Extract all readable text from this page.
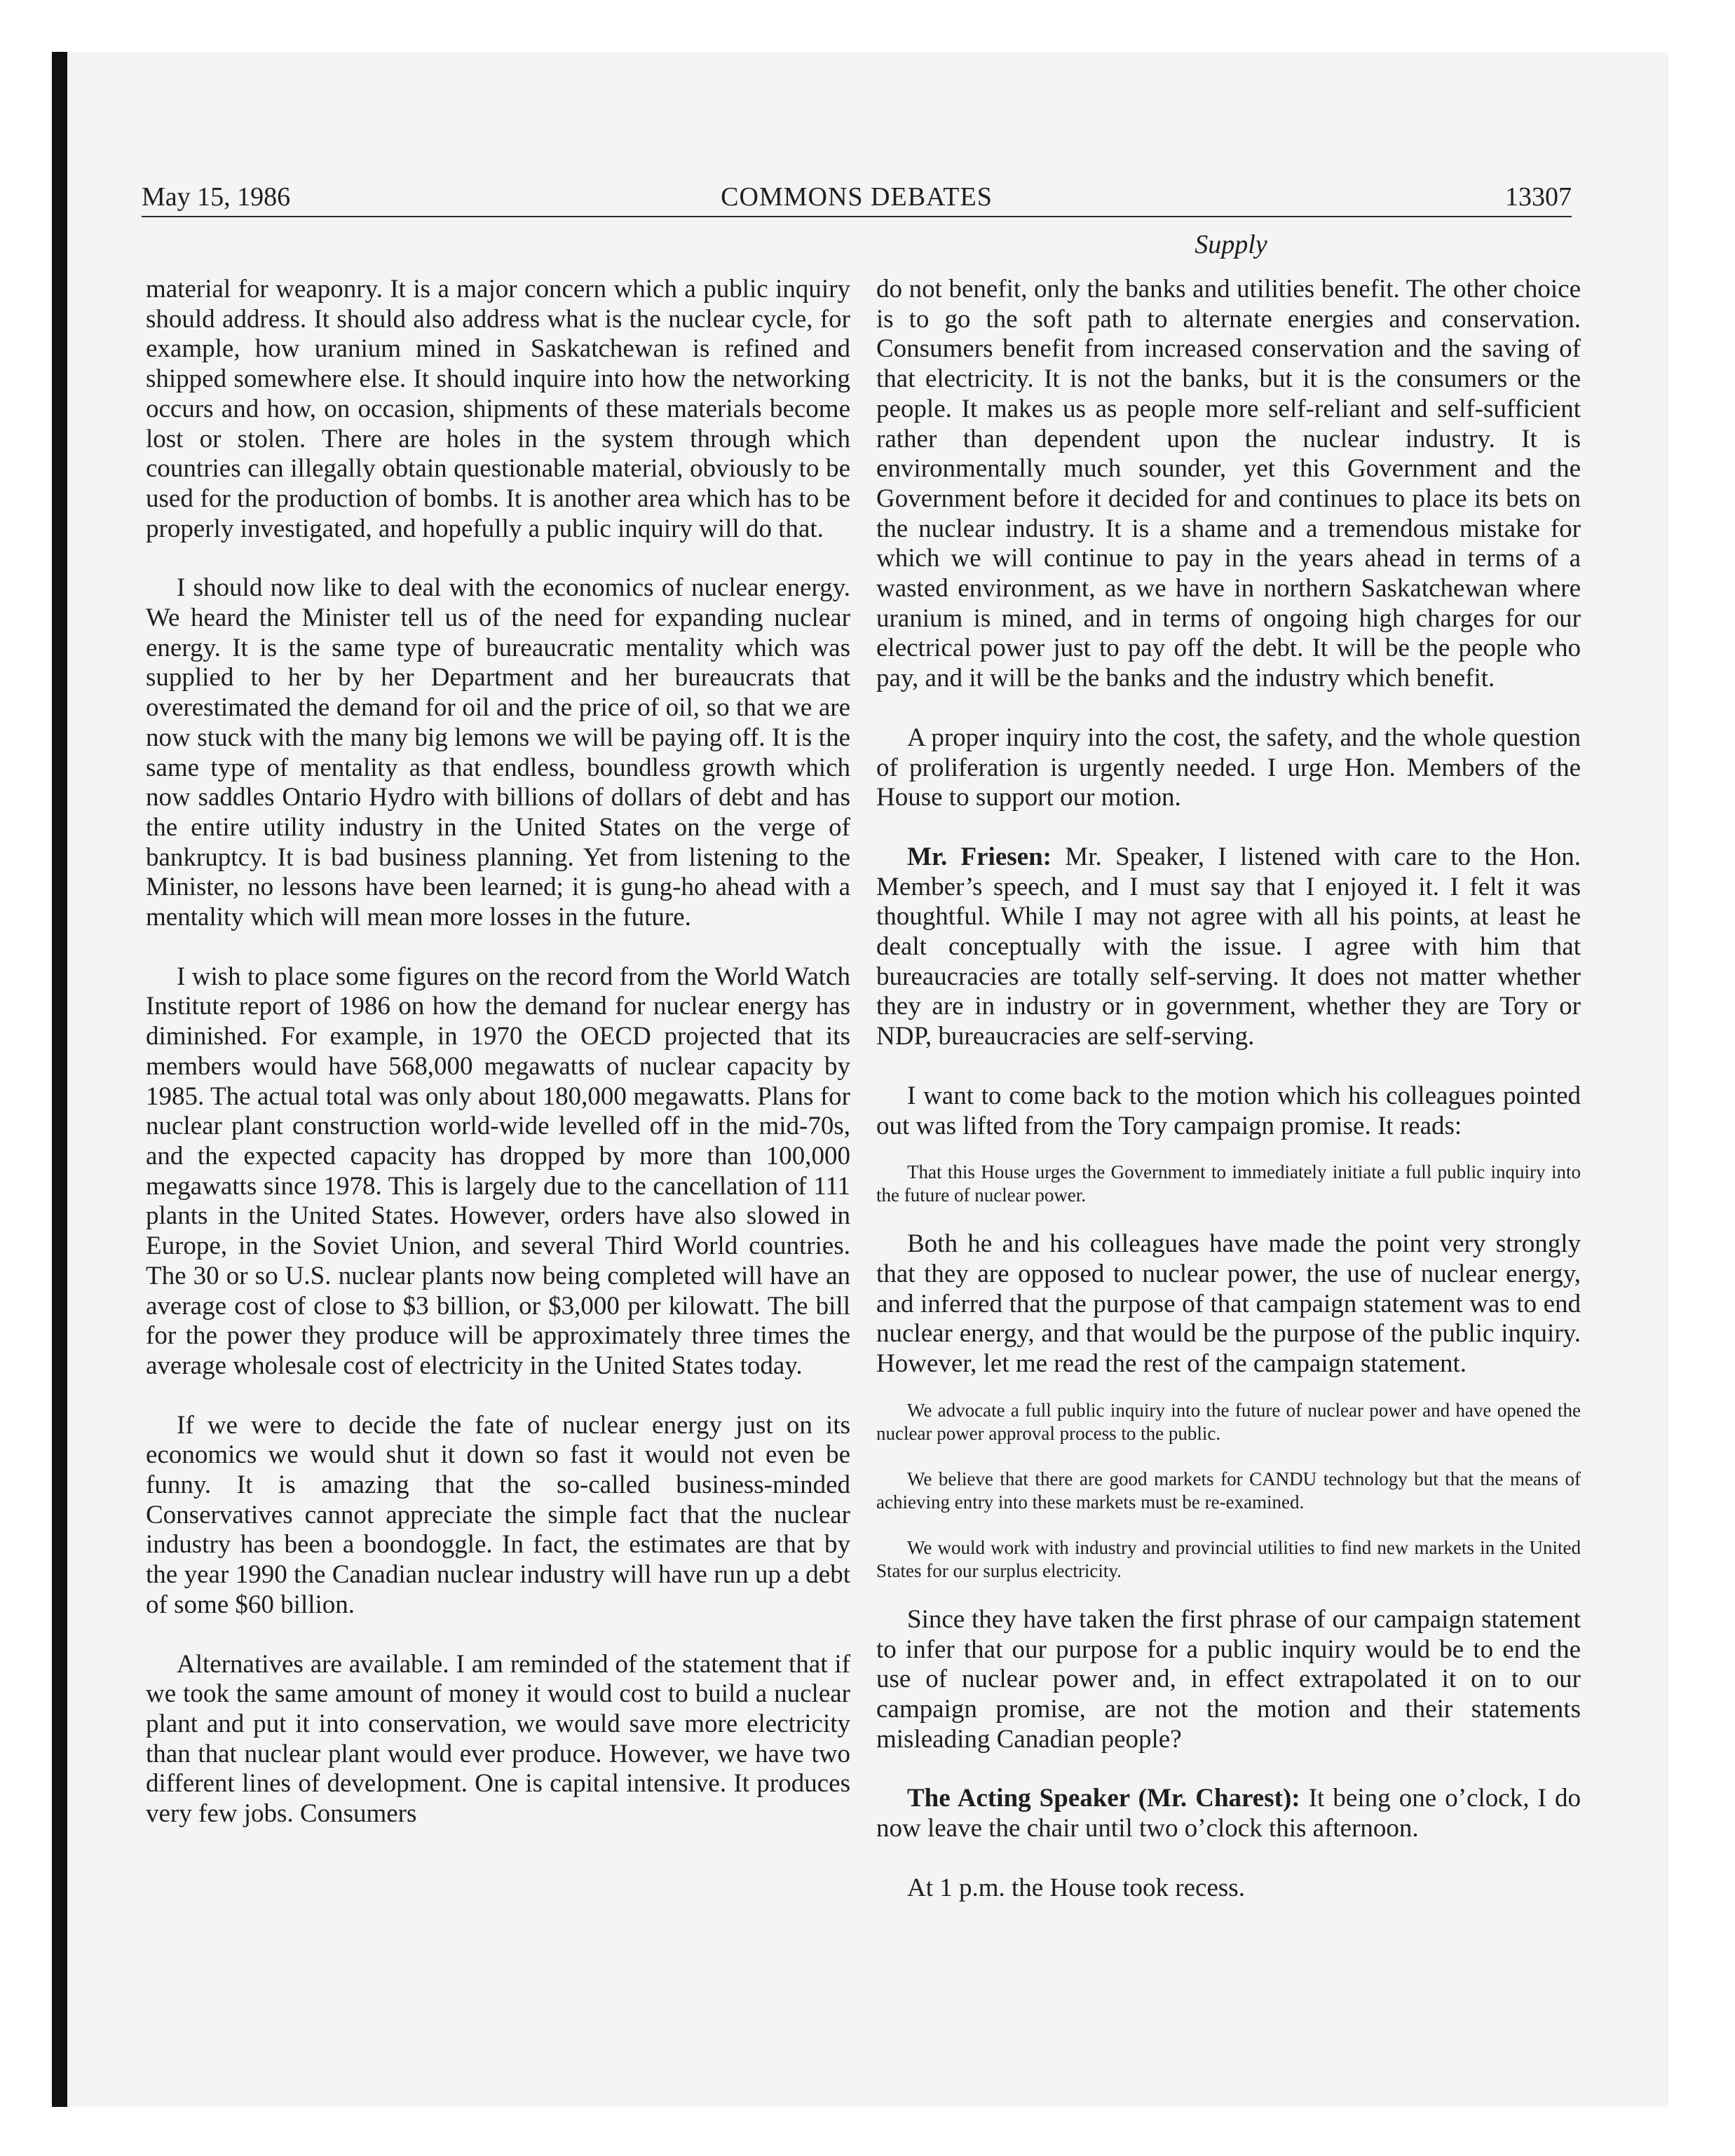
May 15, 1986	COMMONS DEBATES	13307
Supply

material for weaponry. It is a major concern which a public inquiry should address. It should also address what is the nuclear cycle, for example, how uranium mined in Saskatchewan is refined and shipped somewhere else. It should inquire into how the networking occurs and how, on occasion, shipments of these materials become lost or stolen. There are holes in the system through which countries can illegally obtain questionable material, obviously to be used for the production of bombs. It is another area which has to be properly investigated, and hopefully a public inquiry will do that.

I should now like to deal with the economics of nuclear energy. We heard the Minister tell us of the need for expanding nuclear energy. It is the same type of bureaucratic mentality which was supplied to her by her Department and her bureaucrats that overestimated the demand for oil and the price of oil, so that we are now stuck with the many big lemons we will be paying off. It is the same type of mentality as that endless, boundless growth which now saddles Ontario Hydro with billions of dollars of debt and has the entire utility industry in the United States on the verge of bankruptcy. It is bad business planning. Yet from listening to the Minister, no lessons have been learned; it is gung-ho ahead with a mentality which will mean more losses in the future.

I wish to place some figures on the record from the World Watch Institute report of 1986 on how the demand for nuclear energy has diminished. For example, in 1970 the OECD projected that its members would have 568,000 megawatts of nuclear capacity by 1985. The actual total was only about 180,000 megawatts. Plans for nuclear plant construction world-wide levelled off in the mid-70s, and the expected capacity has dropped by more than 100,000 megawatts since 1978. This is largely due to the cancellation of 111 plants in the United States. However, orders have also slowed in Europe, in the Soviet Union, and several Third World countries. The 30 or so U.S. nuclear plants now being completed will have an average cost of close to $3 billion, or $3,000 per kilowatt. The bill for the power they produce will be approximately three times the average wholesale cost of electricity in the United States today.

If we were to decide the fate of nuclear energy just on its economics we would shut it down so fast it would not even be funny. It is amazing that the so-called business-minded Conservatives cannot appreciate the simple fact that the nuclear industry has been a boondoggle. In fact, the estimates are that by the year 1990 the Canadian nuclear industry will have run up a debt of some $60 billion.

Alternatives are available. I am reminded of the statement that if we took the same amount of money it would cost to build a nuclear plant and put it into conservation, we would save more electricity than that nuclear plant would ever produce. However, we have two different lines of development. One is capital intensive. It produces very few jobs. Consumers

do not benefit, only the banks and utilities benefit. The other choice is to go the soft path to alternate energies and conservation. Consumers benefit from increased conservation and the saving of that electricity. It is not the banks, but it is the consumers or the people. It makes us as people more self-reliant and self-sufficient rather than dependent upon the nuclear industry. It is environmentally much sounder, yet this Government and the Government before it decided for and continues to place its bets on the nuclear industry. It is a shame and a tremendous mistake for which we will continue to pay in the years ahead in terms of a wasted environment, as we have in northern Saskatchewan where uranium is mined, and in terms of ongoing high charges for our electrical power just to pay off the debt. It will be the people who pay, and it will be the banks and the industry which benefit.

A proper inquiry into the cost, the safety, and the whole question of proliferation is urgently needed. I urge Hon. Members of the House to support our motion.

Mr. Friesen: Mr. Speaker, I listened with care to the Hon. Member’s speech, and I must say that I enjoyed it. I felt it was thoughtful. While I may not agree with all his points, at least he dealt conceptually with the issue. I agree with him that bureaucracies are totally self-serving. It does not matter whether they are in industry or in government, whether they are Tory or NDP, bureaucracies are self-serving.

I want to come back to the motion which his colleagues pointed out was lifted from the Tory campaign promise. It reads:

That this House urges the Government to immediately initiate a full public inquiry into the future of nuclear power.

Both he and his colleagues have made the point very strongly that they are opposed to nuclear power, the use of nuclear energy, and inferred that the purpose of that campaign statement was to end nuclear energy, and that would be the purpose of the public inquiry. However, let me read the rest of the campaign statement.

We advocate a full public inquiry into the future of nuclear power and have opened the nuclear power approval process to the public.

We believe that there are good markets for CANDU technology but that the means of achieving entry into these markets must be re-examined.

We would work with industry and provincial utilities to find new markets in the United States for our surplus electricity.

Since they have taken the first phrase of our campaign statement to infer that our purpose for a public inquiry would be to end the use of nuclear power and, in effect extrapolated it on to our campaign promise, are not the motion and their statements misleading Canadian people?

The Acting Speaker (Mr. Charest): It being one o’clock, I do now leave the chair until two o’clock this afternoon.

At 1 p.m. the House took recess.
